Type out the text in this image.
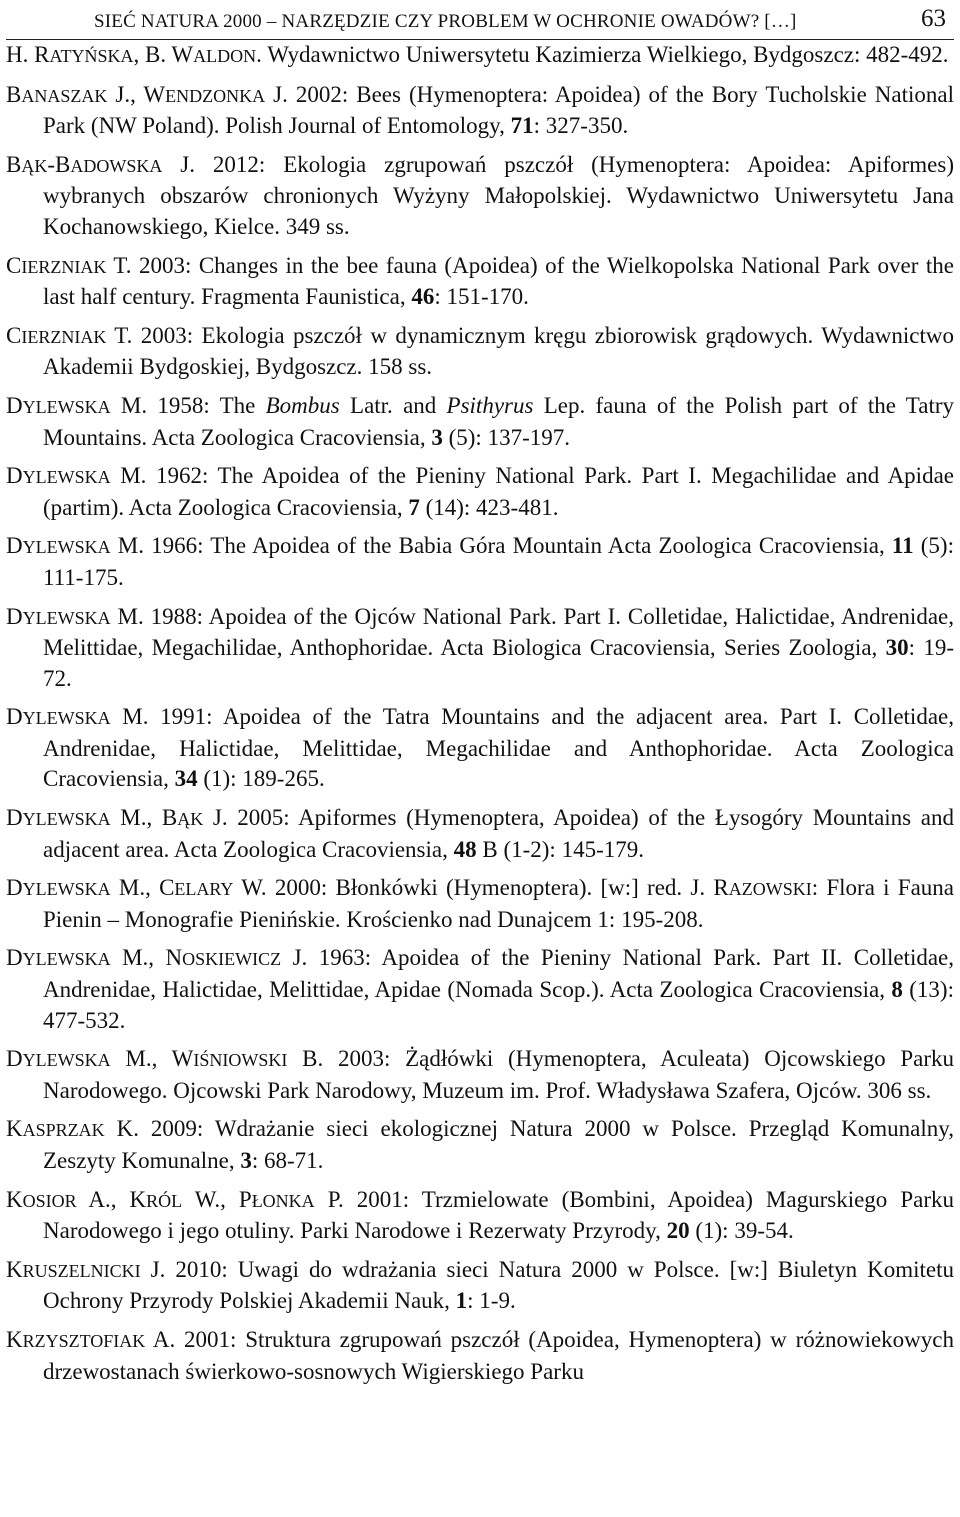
SIEĆ NATURA 2000 – NARZĘDZIE CZY PROBLEM W OCHRONIE OWADÓW? […]	63

H. RATYŃSKA, B. WALDON. Wydawnictwo Uniwersytetu Kazimierza Wielkiego, Bydgoszcz: 482-492.

BANASZAK J., WENDZONKA J. 2002: Bees (Hymenoptera: Apoidea) of the Bory Tucholskie National Park (NW Poland). Polish Journal of Entomology, 71: 327-350.

BĄK-BADOWSKA J. 2012: Ekologia zgrupowań pszczół (Hymenoptera: Apoidea: Apiformes) wybranych obszarów chronionych Wyżyny Małopolskiej. Wydawnictwo Uniwersytetu Jana Kochanowskiego, Kielce. 349 ss.

CIERZNIAK T. 2003: Changes in the bee fauna (Apoidea) of the Wielkopolska National Park over the last half century. Fragmenta Faunistica, 46: 151-170.

CIERZNIAK T. 2003: Ekologia pszczół w dynamicznym kręgu zbiorowisk grądowych. Wydawnictwo Akademii Bydgoskiej, Bydgoszcz. 158 ss.

DYLEWSKA M. 1958: The Bombus Latr. and Psithyrus Lep. fauna of the Polish part of the Tatry Mountains. Acta Zoologica Cracoviensia, 3 (5): 137-197.

DYLEWSKA M. 1962: The Apoidea of the Pieniny National Park. Part I. Megachilidae and Apidae (partim). Acta Zoologica Cracoviensia, 7 (14): 423-481.

DYLEWSKA M. 1966: The Apoidea of the Babia Góra Mountain Acta Zoologica Cracoviensia, 11 (5): 111-175.

DYLEWSKA M. 1988: Apoidea of the Ojców National Park. Part I. Colletidae, Halictidae, Andrenidae, Melittidae, Megachilidae, Anthophoridae. Acta Biologica Cracoviensia, Series Zoologia, 30: 19-72.

DYLEWSKA M. 1991: Apoidea of the Tatra Mountains and the adjacent area. Part I. Colletidae, Andrenidae, Halictidae, Melittidae, Megachilidae and Anthophoridae. Acta Zoologica Cracoviensia, 34 (1): 189-265.

DYLEWSKA M., BĄK J. 2005: Apiformes (Hymenoptera, Apoidea) of the Łysogóry Mountains and adjacent area. Acta Zoologica Cracoviensia, 48 B (1-2): 145-179.

DYLEWSKA M., CELARY W. 2000: Błonkówki (Hymenoptera). [w:] red. J. RAZOWSKI: Flora i Fauna Pienin – Monografie Pienińskie. Krościenko nad Dunajcem 1: 195-208.

DYLEWSKA M., NOSKIEWICZ J. 1963: Apoidea of the Pieniny National Park. Part II. Colletidae, Andrenidae, Halictidae, Melittidae, Apidae (Nomada Scop.). Acta Zoologica Cracoviensia, 8 (13): 477-532.

DYLEWSKA M., WIŚNIOWSKI B. 2003: Żądłówki (Hymenoptera, Aculeata) Ojcowskiego Parku Narodowego. Ojcowski Park Narodowy, Muzeum im. Prof. Władysława Szafera, Ojców. 306 ss.

KASPRZAK K. 2009: Wdrażanie sieci ekologicznej Natura 2000 w Polsce. Przegląd Komunalny, Zeszyty Komunalne, 3: 68-71.

KOSIOR A., KRÓL W., PŁONKA P. 2001: Trzmielowate (Bombini, Apoidea) Magurskiego Parku Narodowego i jego otuliny. Parki Narodowe i Rezerwaty Przyrody, 20 (1): 39-54.

KRUSZELNICKI J. 2010: Uwagi do wdrażania sieci Natura 2000 w Polsce. [w:] Biuletyn Komitetu Ochrony Przyrody Polskiej Akademii Nauk, 1: 1-9.

KRZYSZTOFIAK A. 2001: Struktura zgrupowań pszczół (Apoidea, Hymenoptera) w różnowiekowych drzewostanach świerkowo-sosnowych Wigierskiego Parku
